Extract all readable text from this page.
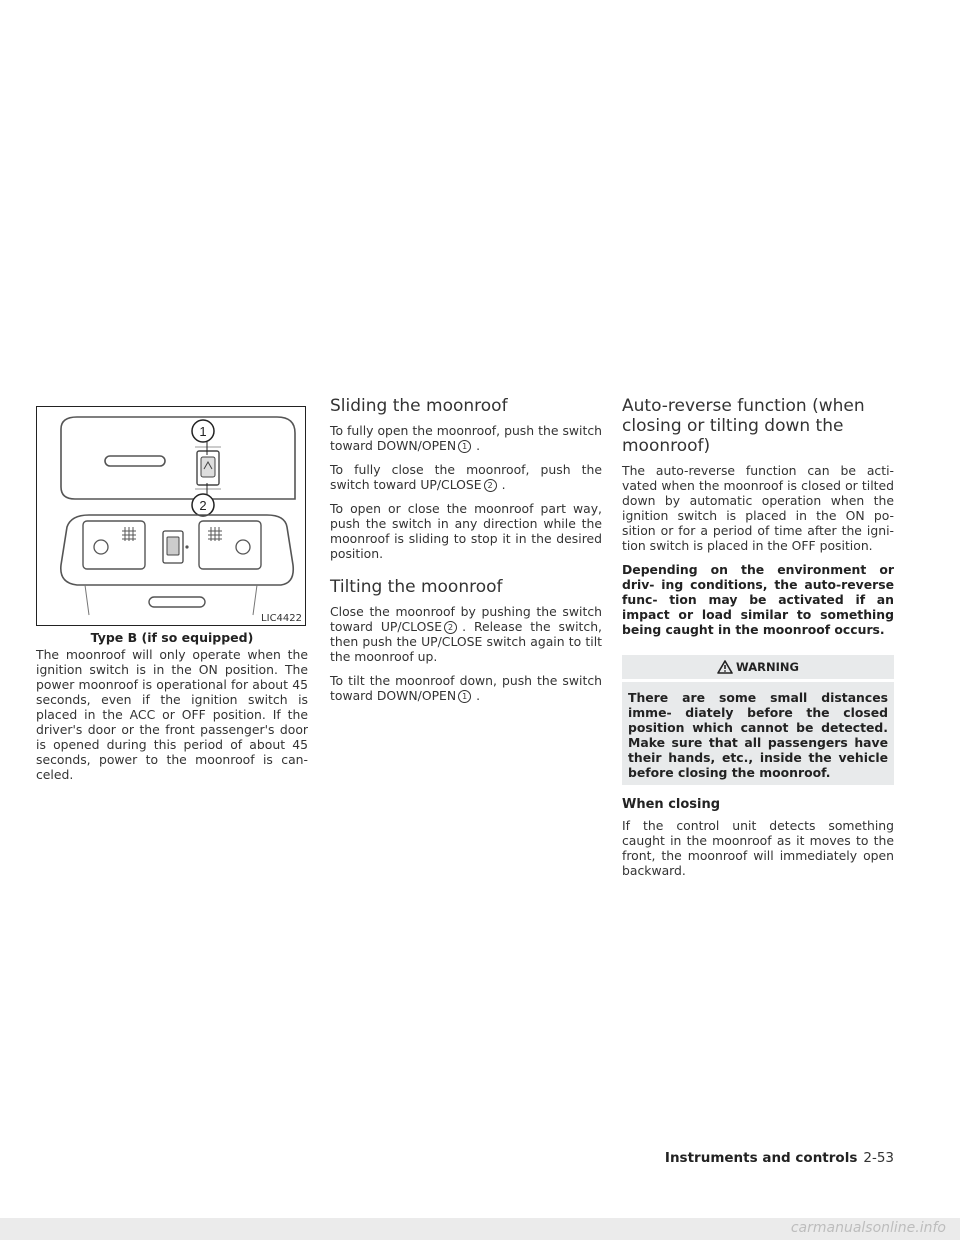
1
2
LIC4422
Type B (if so equipped)

The moonroof will only operate when the ignition switch is in the ON position. The power moonroof is operational for about 45 seconds, even if the ignition switch is placed in the ACC or OFF position. If the driver's door or the front passenger's door is opened during this period of about 45 seconds, power to the moonroof is can- celed.

Sliding the moonroof

To fully open the moonroof, push the switch toward DOWN/OPEN 1 .

To fully close the moonroof, push the switch toward UP/CLOSE 2 .

To open or close the moonroof part way, push the switch in any direction while the moonroof is sliding to stop it in the desired position.

Tilting the moonroof

Close the moonroof by pushing the switch toward UP/CLOSE 2 . Release the switch, then push the UP/CLOSE switch again to tilt the moonroof up.

To tilt the moonroof down, push the switch toward DOWN/OPEN 1 .

Auto-reverse function (when closing or tilting down the moonroof)

The auto-reverse function can be acti- vated when the moonroof is closed or tilted down by automatic operation when the ignition switch is placed in the ON po- sition or for a period of time after the igni- tion switch is placed in the OFF position.

Depending on the environment or driv- ing conditions, the auto-reverse func- tion may be activated if an impact or load similar to something being caught in the moonroof occurs.

WARNING
There are some small distances imme- diately before the closed position which cannot be detected. Make sure that all passengers have their hands, etc., inside the vehicle before closing the moonroof.
When closing

If the control unit detects something caught in the moonroof as it moves to the front, the moonroof will immediately open backward.

Instruments and controls 2-53
carmanualsonline.info
